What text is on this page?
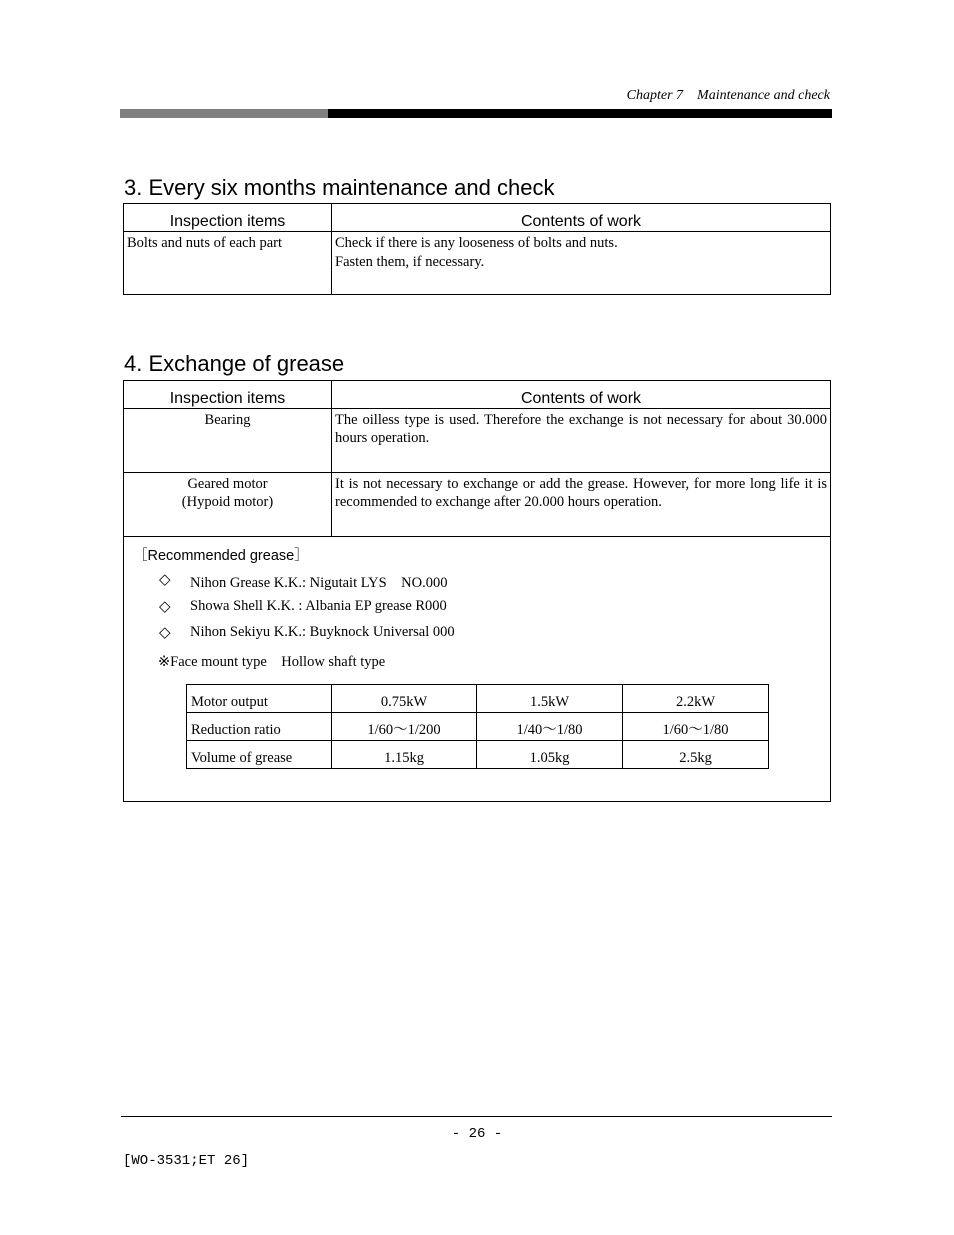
Chapter 7 Maintenance and check
3. Every six months maintenance and check
Inspection items	Contents of work
Bolts and nuts of each part	Check if there is any looseness of bolts and nuts.
Fasten them, if necessary.
4. Exchange of grease
Inspection items	Contents of work

Bearing	The oilless type is used. Therefore the exchange is not necessary for about 30.000 hours operation.

Geared motor
(Hypoid motor)	It is not necessary to exchange or add the grease. However, for more long life it is recommended to exchange after 20.000 hours operation.

［Recommended grease］
◇ Nihon Grease K.K.: Nigutait LYS　NO.000
◇ Showa Shell K.K. : Albania EP grease R000
◇ Nihon Sekiyu K.K.: Buyknock Universal 000
※Face mount type　Hollow shaft type
Motor output	0.75kW	1.5kW	2.2kW
Reduction ratio	1/60～1/200	1/40～1/80	1/60～1/80
Volume of grease	1.15kg	1.05kg	2.5kg
- 26 -
[WO-3531;ET 26]
